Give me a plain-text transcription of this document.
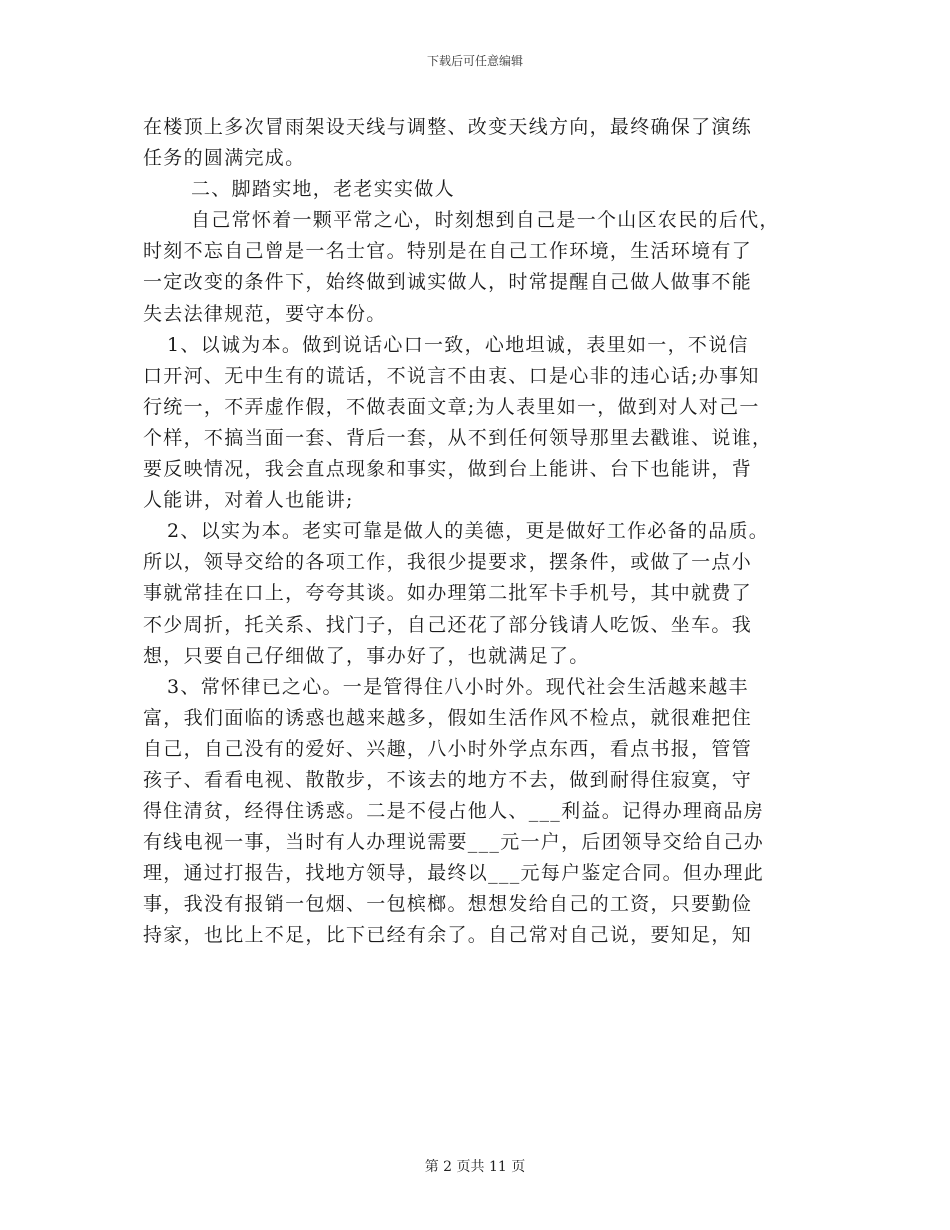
下载后可任意编辑
在楼顶上多次冒雨架设天线与调整、改变天线方向，最终确保了演练
任务的圆满完成。
二、脚踏实地，老老实实做人
自己常怀着一颗平常之心，时刻想到自己是一个山区农民的后代，
时刻不忘自己曾是一名士官。特别是在自己工作环境，生活环境有了
一定改变的条件下，始终做到诚实做人，时常提醒自己做人做事不能
失去法律规范，要守本份。
1、以诚为本。做到说话心口一致，心地坦诚，表里如一，不说信
口开河、无中生有的谎话，不说言不由衷、口是心非的违心话;办事知
行统一，不弄虚作假，不做表面文章;为人表里如一，做到对人对己一
个样，不搞当面一套、背后一套，从不到任何领导那里去戳谁、说谁，
要反映情况，我会直点现象和事实，做到台上能讲、台下也能讲，背
人能讲，对着人也能讲;
2、以实为本。老实可靠是做人的美德，更是做好工作必备的品质。
所以，领导交给的各项工作，我很少提要求，摆条件，或做了一点小
事就常挂在口上，夸夸其谈。如办理第二批军卡手机号，其中就费了
不少周折，托关系、找门子，自己还花了部分钱请人吃饭、坐车。我
想，只要自己仔细做了，事办好了，也就满足了。
3、常怀律已之心。一是管得住八小时外。现代社会生活越来越丰
富，我们面临的诱惑也越来越多，假如生活作风不检点，就很难把住
自己，自己没有的爱好、兴趣，八小时外学点东西，看点书报，管管
孩子、看看电视、散散步，不该去的地方不去，做到耐得住寂寞，守
得住清贫，经得住诱惑。二是不侵占他人、___利益。记得办理商品房
有线电视一事，当时有人办理说需要___元一户，后团领导交给自己办
理，通过打报告，找地方领导，最终以___元每户鉴定合同。但办理此
事，我没有报销一包烟、一包槟榔。想想发给自己的工资，只要勤俭
持家，也比上不足，比下已经有余了。自己常对自己说，要知足，知
第 2 页共 11 页
